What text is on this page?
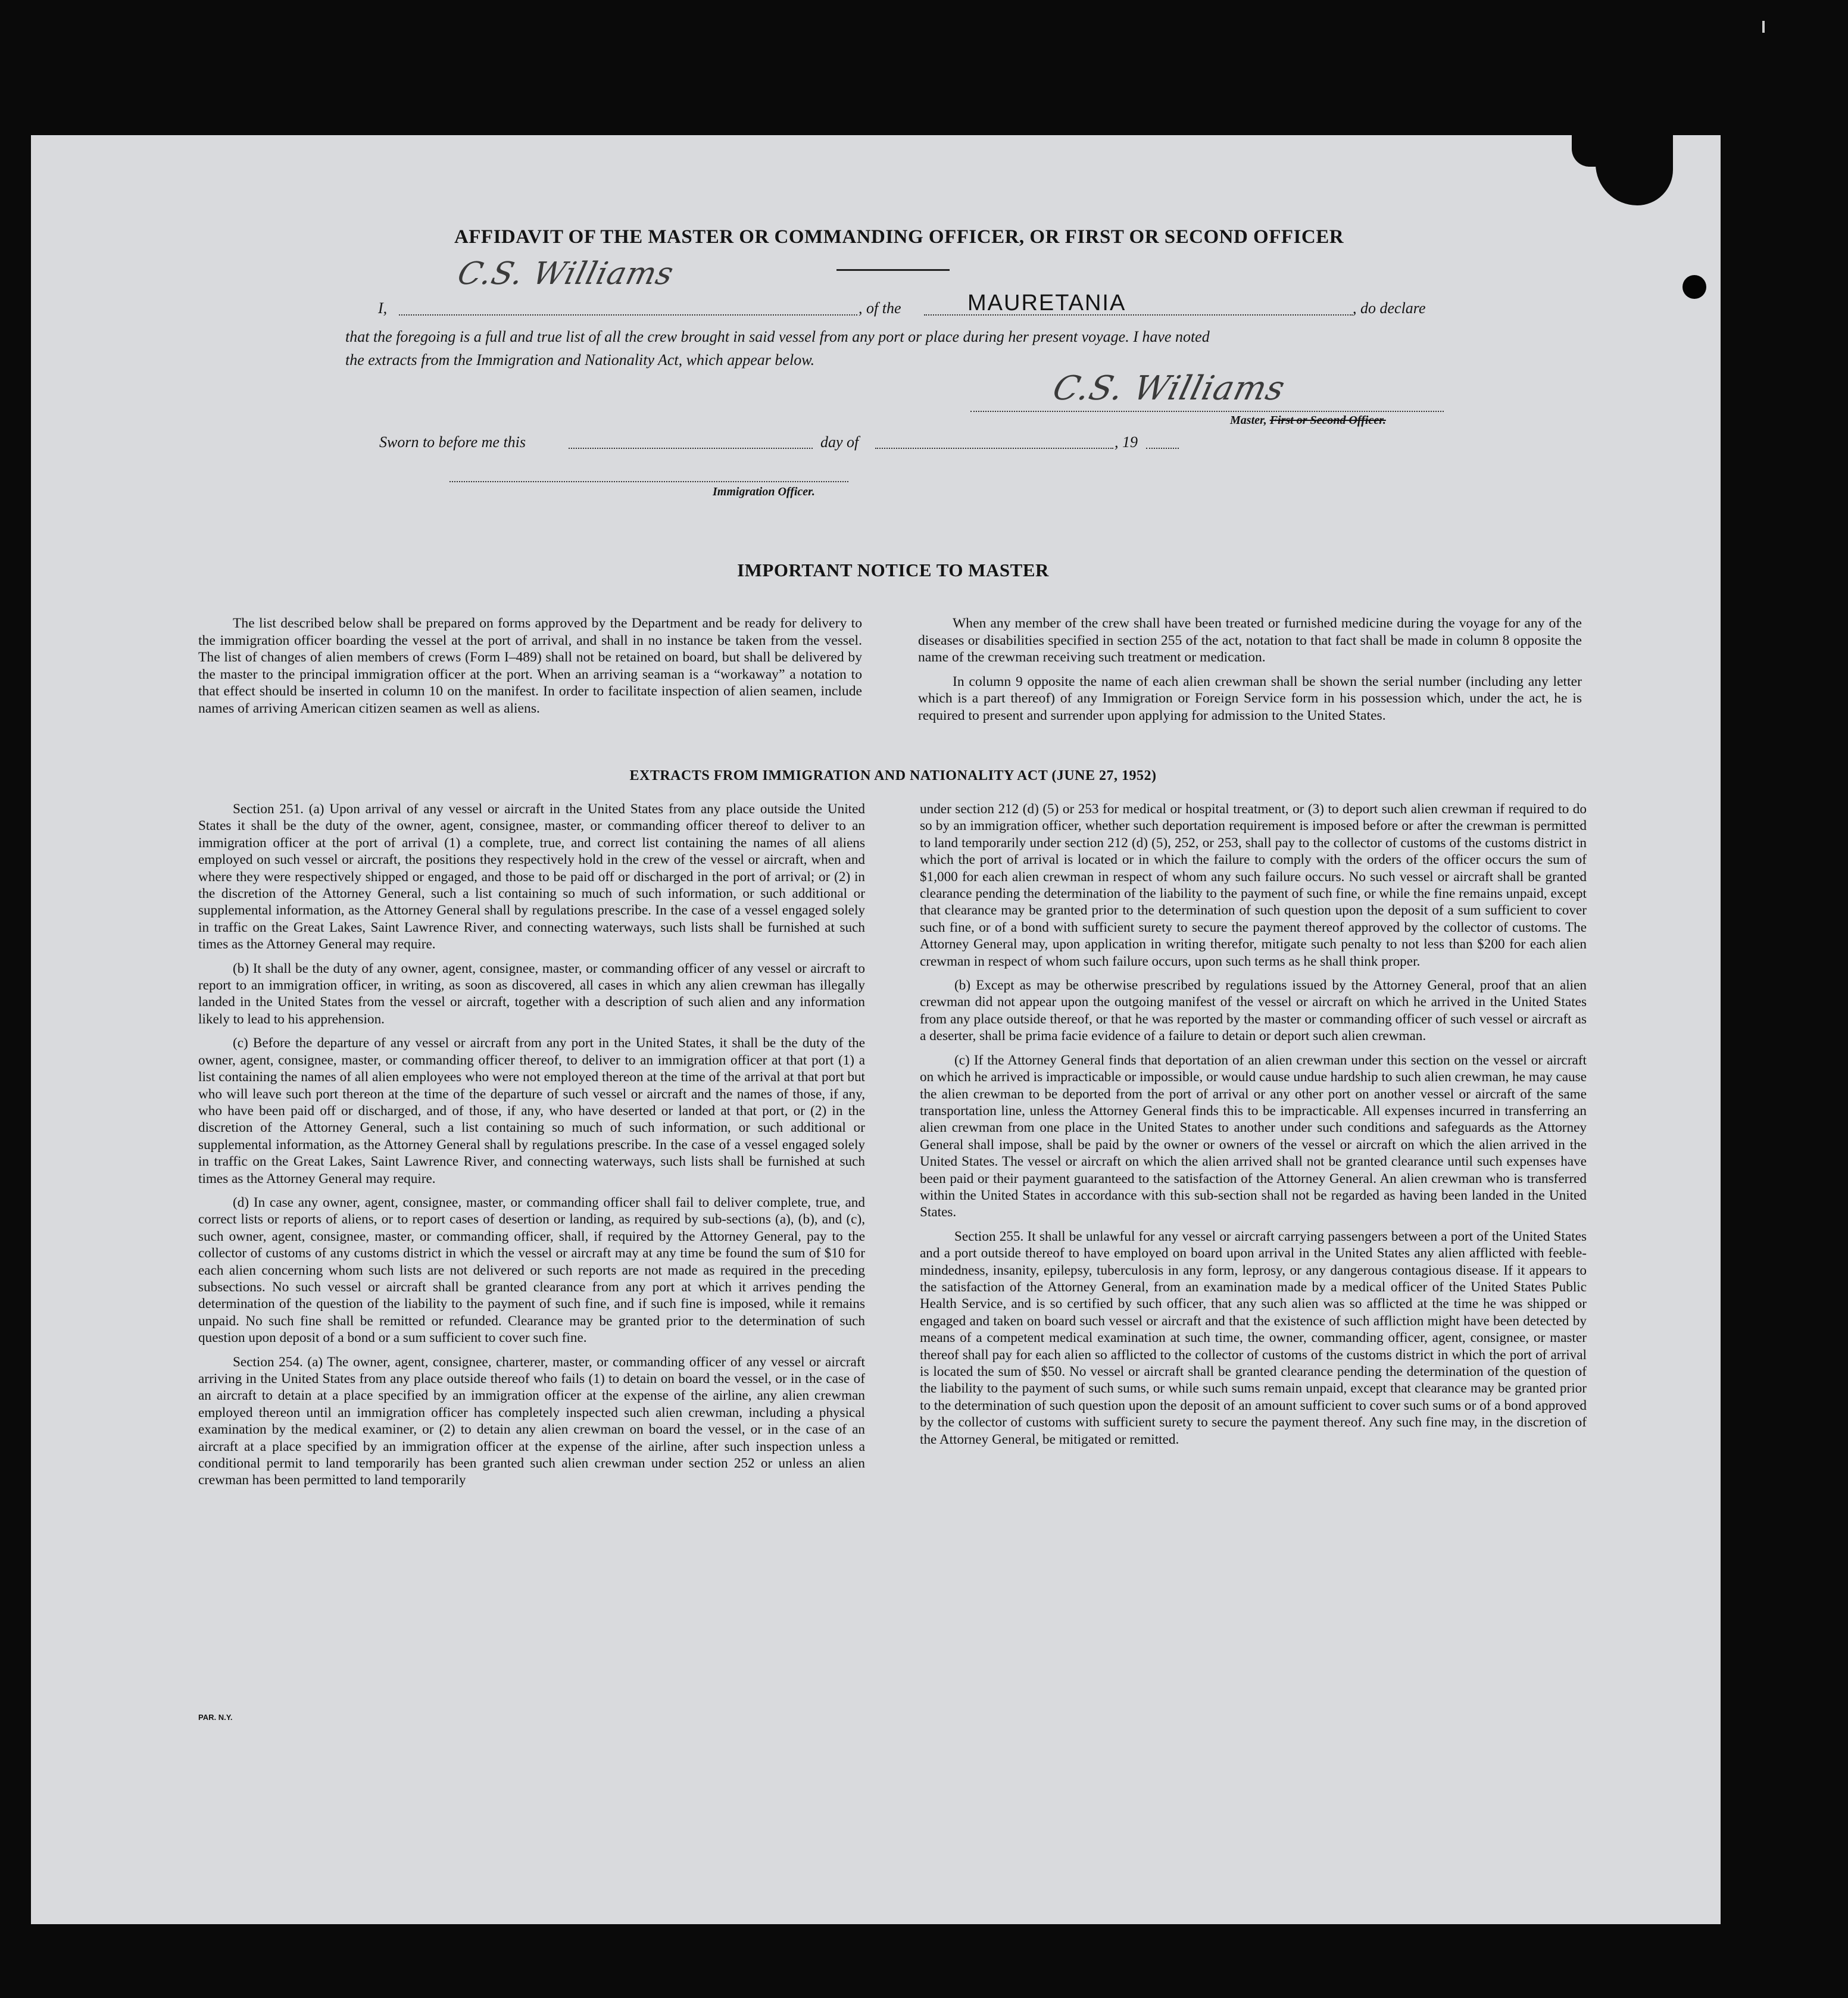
AFFIDAVIT OF THE MASTER OR COMMANDING OFFICER, OR FIRST OR SECOND OFFICER
I,
C.S. Williams
, of the	MAURETANIA	, do declare
that the foregoing is a full and true list of all the crew brought in said vessel from any port or place during her present voyage. I have noted
the extracts from the Immigration and Nationality Act, which appear below.
C.S. Williams
Master, First or Second Officer.
Sworn to before me this	day of	, 19
Immigration Officer.
IMPORTANT NOTICE TO MASTER

The list described below shall be prepared on forms approved by the Department and be ready for delivery to the immigration officer boarding the vessel at the port of arrival, and shall in no instance be taken from the vessel. The list of changes of alien members of crews (Form I–489) shall not be retained on board, but shall be delivered by the master to the principal immigration officer at the port. When an arriving seaman is a “workaway” a notation to that effect should be inserted in column 10 on the manifest. In order to facilitate inspection of alien seamen, include names of arriving American citizen seamen as well as aliens.

When any member of the crew shall have been treated or furnished medicine during the voyage for any of the diseases or disabilities specified in section 255 of the act, notation to that fact shall be made in column 8 opposite the name of the crewman receiving such treatment or medication.

In column 9 opposite the name of each alien crewman shall be shown the serial number (including any letter which is a part thereof) of any Immigration or Foreign Service form in his possession which, under the act, he is required to present and surrender upon applying for admission to the United States.

EXTRACTS FROM IMMIGRATION AND NATIONALITY ACT (JUNE 27, 1952)

Section 251. (a) Upon arrival of any vessel or aircraft in the United States from any place outside the United States it shall be the duty of the owner, agent, consignee, master, or commanding officer thereof to deliver to an immigration officer at the port of arrival (1) a complete, true, and correct list containing the names of all aliens employed on such vessel or aircraft, the positions they respectively hold in the crew of the vessel or aircraft, when and where they were respectively shipped or engaged, and those to be paid off or discharged in the port of arrival; or (2) in the discretion of the Attorney General, such a list containing so much of such information, or such additional or supplemental information, as the Attorney General shall by regulations prescribe. In the case of a vessel engaged solely in traffic on the Great Lakes, Saint Lawrence River, and connecting waterways, such lists shall be furnished at such times as the Attorney General may require.

(b) It shall be the duty of any owner, agent, consignee, master, or commanding officer of any vessel or aircraft to report to an immigration officer, in writing, as soon as discovered, all cases in which any alien crewman has illegally landed in the United States from the vessel or aircraft, together with a description of such alien and any information likely to lead to his apprehension.

(c) Before the departure of any vessel or aircraft from any port in the United States, it shall be the duty of the owner, agent, consignee, master, or commanding officer thereof, to deliver to an immigration officer at that port (1) a list containing the names of all alien employees who were not employed thereon at the time of the arrival at that port but who will leave such port thereon at the time of the departure of such vessel or aircraft and the names of those, if any, who have been paid off or discharged, and of those, if any, who have deserted or landed at that port, or (2) in the discretion of the Attorney General, such a list containing so much of such information, or such additional or supplemental information, as the Attorney General shall by regulations prescribe. In the case of a vessel engaged solely in traffic on the Great Lakes, Saint Lawrence River, and connecting waterways, such lists shall be furnished at such times as the Attorney General may require.

(d) In case any owner, agent, consignee, master, or commanding officer shall fail to deliver complete, true, and correct lists or reports of aliens, or to report cases of desertion or landing, as required by sub-sections (a), (b), and (c), such owner, agent, consignee, master, or commanding officer, shall, if required by the Attorney General, pay to the collector of customs of any customs district in which the vessel or aircraft may at any time be found the sum of $10 for each alien concerning whom such lists are not delivered or such reports are not made as required in the preceding subsections. No such vessel or aircraft shall be granted clearance from any port at which it arrives pending the determination of the question of the liability to the payment of such fine, and if such fine is imposed, while it remains unpaid. No such fine shall be remitted or refunded. Clearance may be granted prior to the determination of such question upon deposit of a bond or a sum sufficient to cover such fine.

Section 254. (a) The owner, agent, consignee, charterer, master, or commanding officer of any vessel or aircraft arriving in the United States from any place outside thereof who fails (1) to detain on board the vessel, or in the case of an aircraft to detain at a place specified by an immigration officer at the expense of the airline, any alien crewman employed thereon until an immigration officer has completely inspected such alien crewman, including a physical examination by the medical examiner, or (2) to detain any alien crewman on board the vessel, or in the case of an aircraft at a place specified by an immigration officer at the expense of the airline, after such inspection unless a conditional permit to land temporarily has been granted such alien crewman under section 252 or unless an alien crewman has been permitted to land temporarily

under section 212 (d) (5) or 253 for medical or hospital treatment, or (3) to deport such alien crewman if required to do so by an immigration officer, whether such deportation requirement is imposed before or after the crewman is permitted to land temporarily under section 212 (d) (5), 252, or 253, shall pay to the collector of customs of the customs district in which the port of arrival is located or in which the failure to comply with the orders of the officer occurs the sum of $1,000 for each alien crewman in respect of whom any such failure occurs. No such vessel or aircraft shall be granted clearance pending the determination of the liability to the payment of such fine, or while the fine remains unpaid, except that clearance may be granted prior to the determination of such question upon the deposit of a sum sufficient to cover such fine, or of a bond with sufficient surety to secure the payment thereof approved by the collector of customs. The Attorney General may, upon application in writing therefor, mitigate such penalty to not less than $200 for each alien crewman in respect of whom such failure occurs, upon such terms as he shall think proper.

(b) Except as may be otherwise prescribed by regulations issued by the Attorney General, proof that an alien crewman did not appear upon the outgoing manifest of the vessel or aircraft on which he arrived in the United States from any place outside thereof, or that he was reported by the master or commanding officer of such vessel or aircraft as a deserter, shall be prima facie evidence of a failure to detain or deport such alien crewman.

(c) If the Attorney General finds that deportation of an alien crewman under this section on the vessel or aircraft on which he arrived is impracticable or impossible, or would cause undue hardship to such alien crewman, he may cause the alien crewman to be deported from the port of arrival or any other port on another vessel or aircraft of the same transportation line, unless the Attorney General finds this to be impracticable. All expenses incurred in transferring an alien crewman from one place in the United States to another under such conditions and safeguards as the Attorney General shall impose, shall be paid by the owner or owners of the vessel or aircraft on which the alien arrived in the United States. The vessel or aircraft on which the alien arrived shall not be granted clearance until such expenses have been paid or their payment guaranteed to the satisfaction of the Attorney General. An alien crewman who is transferred within the United States in accordance with this sub-section shall not be regarded as having been landed in the United States.

Section 255. It shall be unlawful for any vessel or aircraft carrying passengers between a port of the United States and a port outside thereof to have employed on board upon arrival in the United States any alien afflicted with feeble-mindedness, insanity, epilepsy, tuberculosis in any form, leprosy, or any dangerous contagious disease. If it appears to the satisfaction of the Attorney General, from an examination made by a medical officer of the United States Public Health Service, and is so certified by such officer, that any such alien was so afflicted at the time he was shipped or engaged and taken on board such vessel or aircraft and that the existence of such affliction might have been detected by means of a competent medical examination at such time, the owner, commanding officer, agent, consignee, or master thereof shall pay for each alien so afflicted to the collector of customs of the customs district in which the port of arrival is located the sum of $50. No vessel or aircraft shall be granted clearance pending the determination of the question of the liability to the payment of such sums, or while such sums remain unpaid, except that clearance may be granted prior to the determination of such question upon the deposit of an amount sufficient to cover such sums or of a bond approved by the collector of customs with sufficient surety to secure the payment thereof. Any such fine may, in the discretion of the Attorney General, be mitigated or remitted.

PAR. N.Y.
